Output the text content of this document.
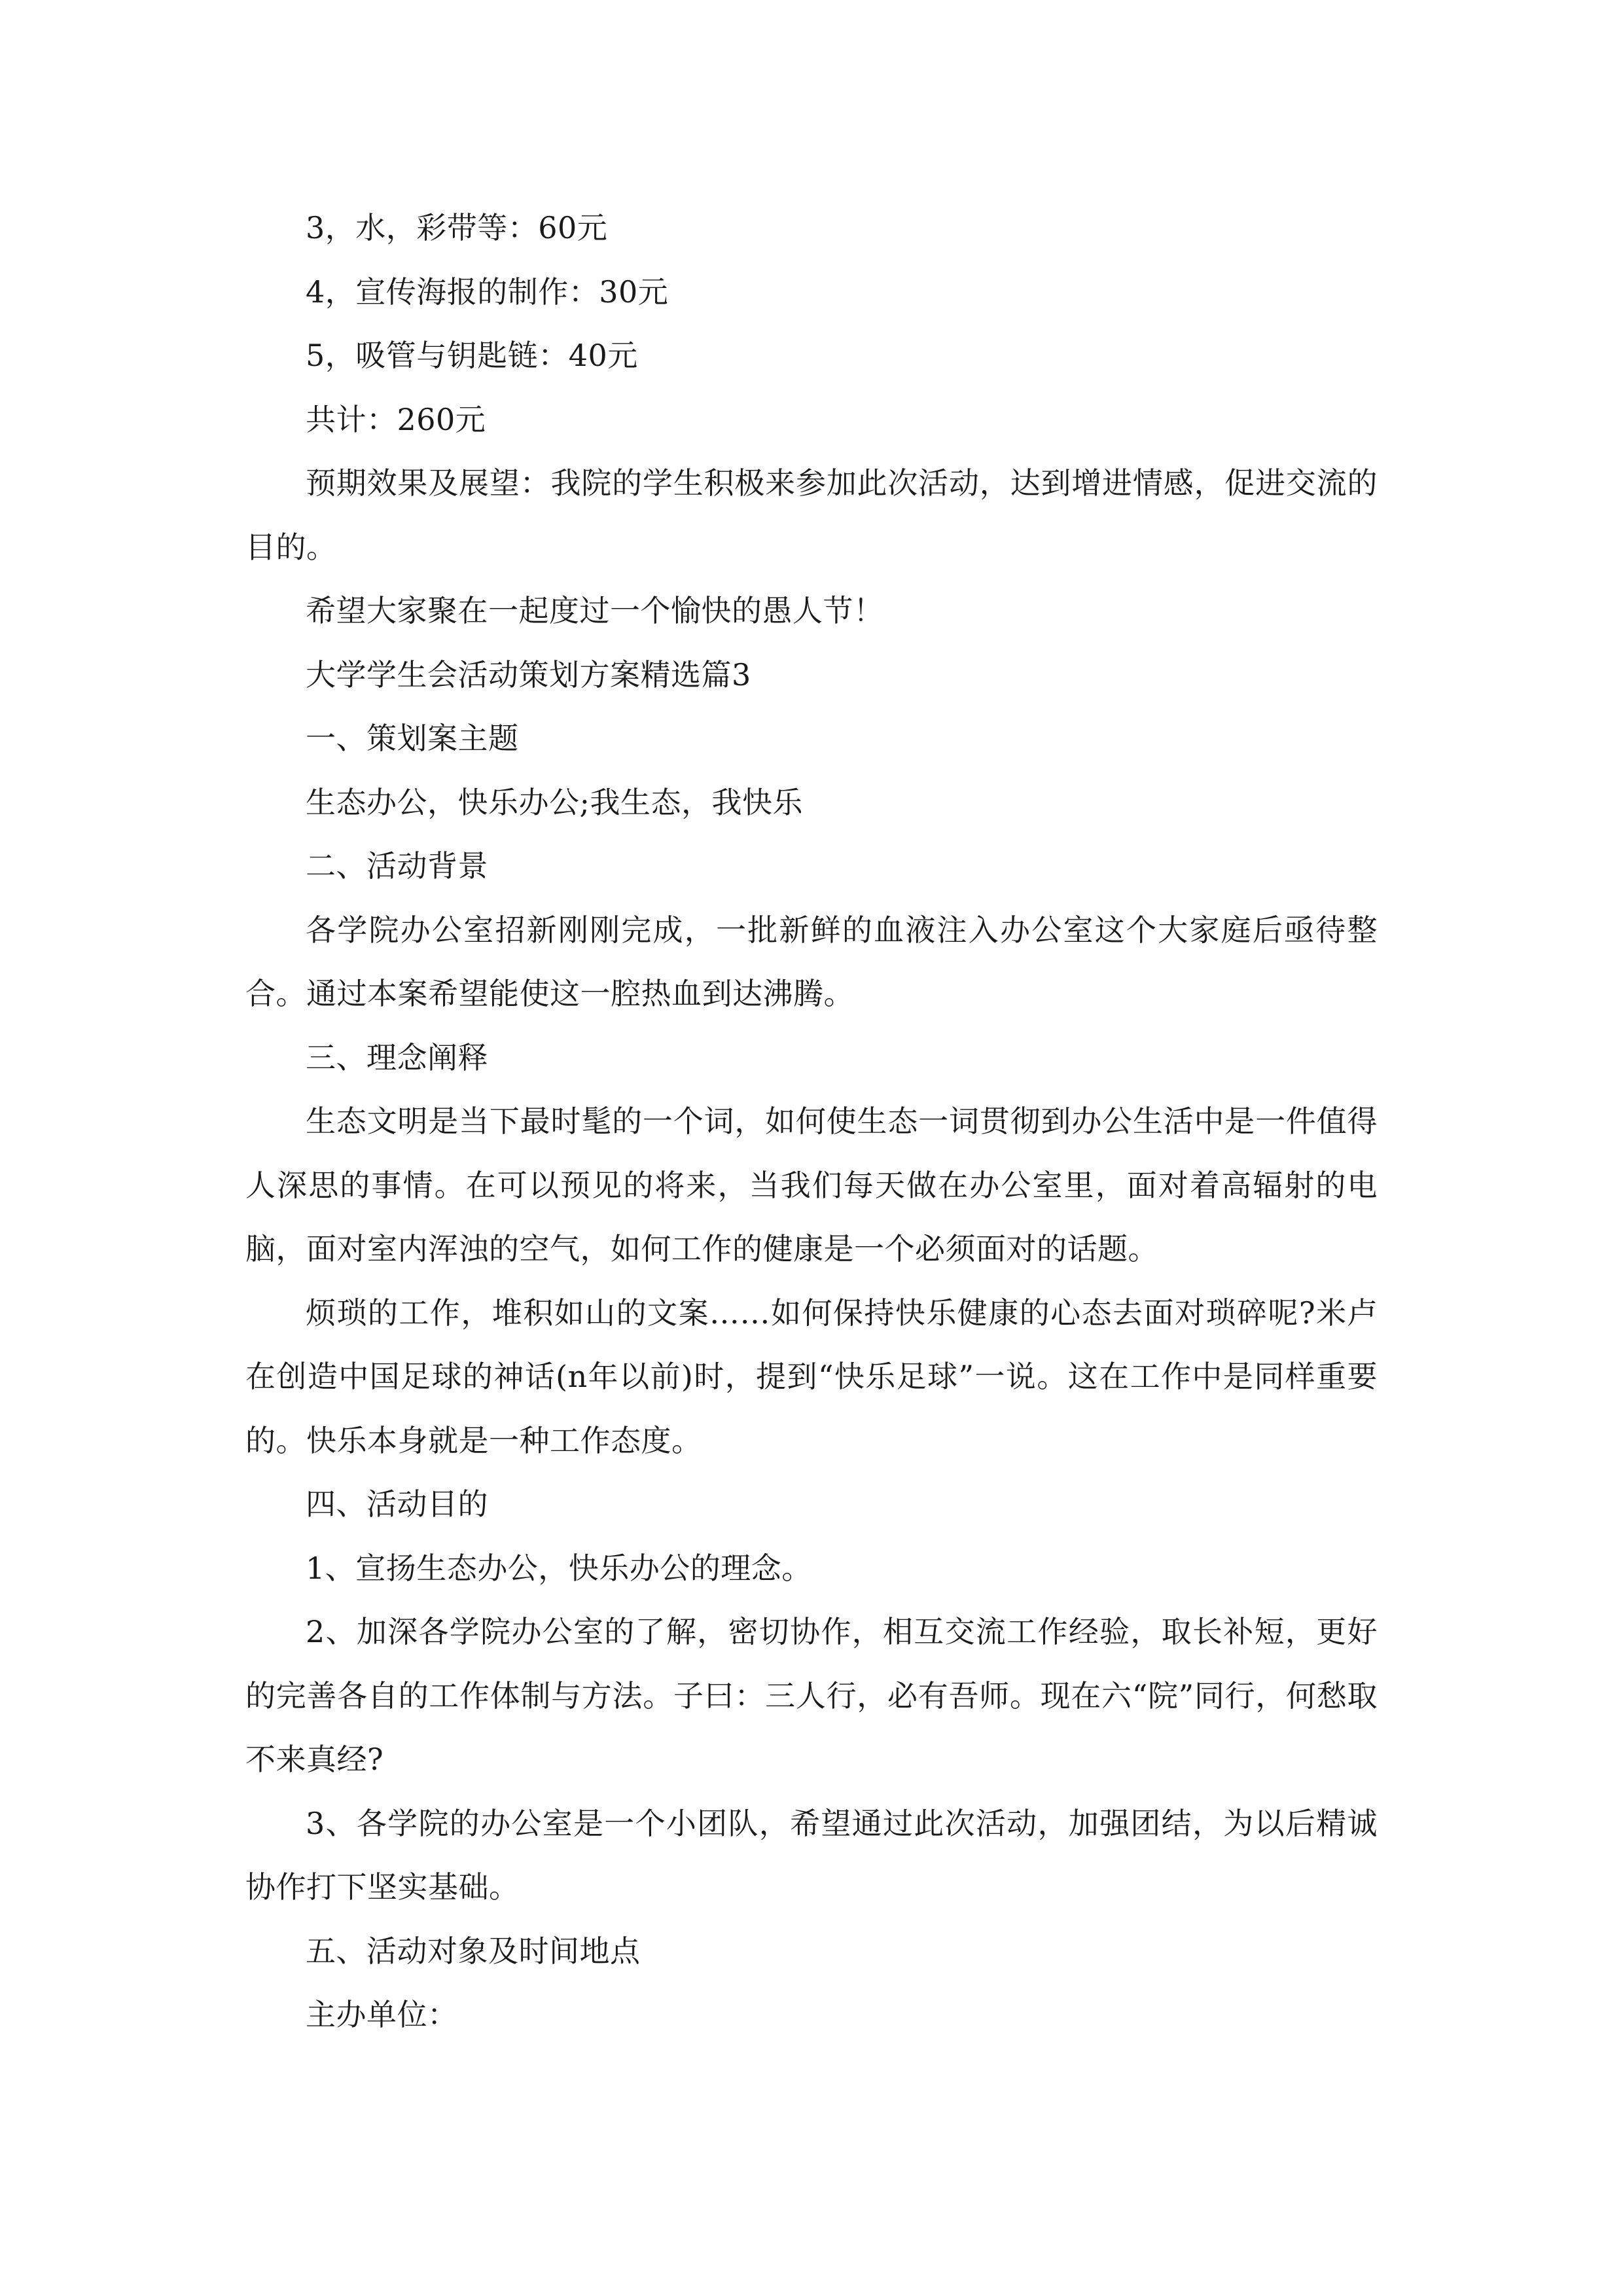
3，水，彩带等：60元

4，宣传海报的制作：30元

5，吸管与钥匙链：40元

共计：260元

预期效果及展望：我院的学生积极来参加此次活动，达到增进情感，促进交流的目的。

希望大家聚在一起度过一个愉快的愚人节！

大学学生会活动策划方案精选篇3

一、策划案主题

生态办公，快乐办公;我生态，我快乐

二、活动背景

各学院办公室招新刚刚完成，一批新鲜的血液注入办公室这个大家庭后亟待整合。通过本案希望能使这一腔热血到达沸腾。

三、理念阐释

生态文明是当下最时髦的一个词，如何使生态一词贯彻到办公生活中是一件值得人深思的事情。在可以预见的将来，当我们每天做在办公室里，面对着高辐射的电脑，面对室内浑浊的空气，如何工作的健康是一个必须面对的话题。

烦琐的工作，堆积如山的文案……如何保持快乐健康的心态去面对琐碎呢?米卢在创造中国足球的神话(n年以前)时，提到“快乐足球”一说。这在工作中是同样重要的。快乐本身就是一种工作态度。

四、活动目的

1、宣扬生态办公，快乐办公的理念。

2、加深各学院办公室的了解，密切协作，相互交流工作经验，取长补短，更好的完善各自的工作体制与方法。子曰：三人行，必有吾师。现在六“院”同行，何愁取不来真经?

3、各学院的办公室是一个小团队，希望通过此次活动，加强团结，为以后精诚协作打下坚实基础。

五、活动对象及时间地点

主办单位：
